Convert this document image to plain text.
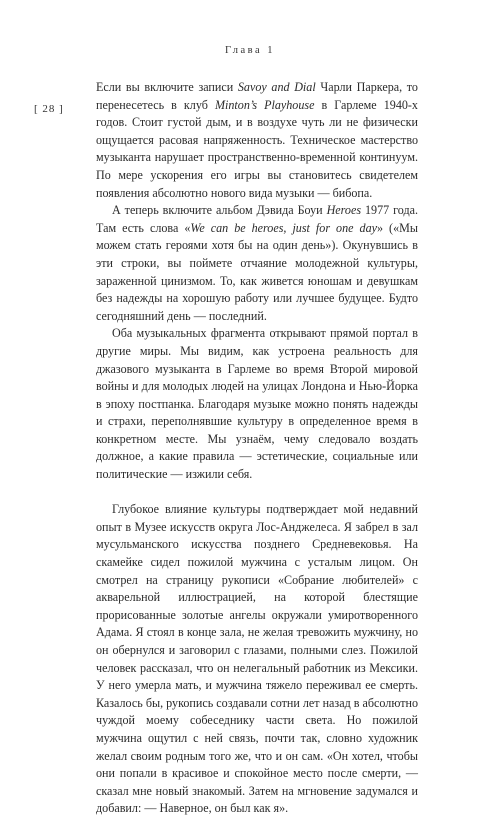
Глава 1
[ 28 ]

Если вы включите записи Savoy and Dial Чарли Паркера, то перенесетесь в клуб Minton’s Playhouse в Гарлеме 1940-х годов. Стоит густой дым, и в воздухе чуть ли не физически ощущается расовая напряженность. Техническое мастерство музыканта нарушает пространственно-временной континуум. По мере ускорения его игры вы становитесь свидетелем появления абсолютно нового вида музыки — бибопа.

А теперь включите альбом Дэвида Боуи Heroes 1977 года. Там есть слова «We can be heroes, just for one day» («Мы можем стать героями хотя бы на один день»). Окунувшись в эти строки, вы поймете отчаяние молодежной культуры, зараженной цинизмом. То, как живется юношам и девушкам без надежды на хорошую работу или лучшее будущее. Будто сегодняшний день — последний.

Оба музыкальных фрагмента открывают прямой портал в другие миры. Мы видим, как устроена реальность для джазового музыканта в Гарлеме во время Второй мировой войны и для молодых людей на улицах Лондона и Нью-Йорка в эпоху постпанка. Благодаря музыке можно понять надежды и страхи, переполнявшие культуру в определенное время в конкретном месте. Мы узнаём, чему следовало воздать должное, а какие правила — эстетические, социальные или политические — изжили себя.

Глубокое влияние культуры подтверждает мой недавний опыт в Музее искусств округа Лос-Анджелеса. Я забрел в зал мусульманского искусства позднего Средневековья. На скамейке сидел пожилой мужчина с усталым лицом. Он смотрел на страницу рукописи «Собрание любителей» с акварельной иллюстрацией, на которой блестящие прорисованные золотые ангелы окружали умиротворенного Адама. Я стоял в конце зала, не желая тревожить мужчину, но он обернулся и заговорил с глазами, полными слез. Пожилой человек рассказал, что он нелегальный работник из Мексики. У него умерла мать, и мужчина тяжело переживал ее смерть. Казалось бы, рукопись создавали сотни лет назад в абсолютно чуждой моему собеседнику части света. Но пожилой мужчина ощутил с ней связь, почти так, словно художник желал своим родным того же, что и он сам. «Он хотел, чтобы они попали в красивое и спокойное место после смерти, — сказал мне новый знакомый. Затем на мгновение задумался и добавил: — Наверное, он был как я».
